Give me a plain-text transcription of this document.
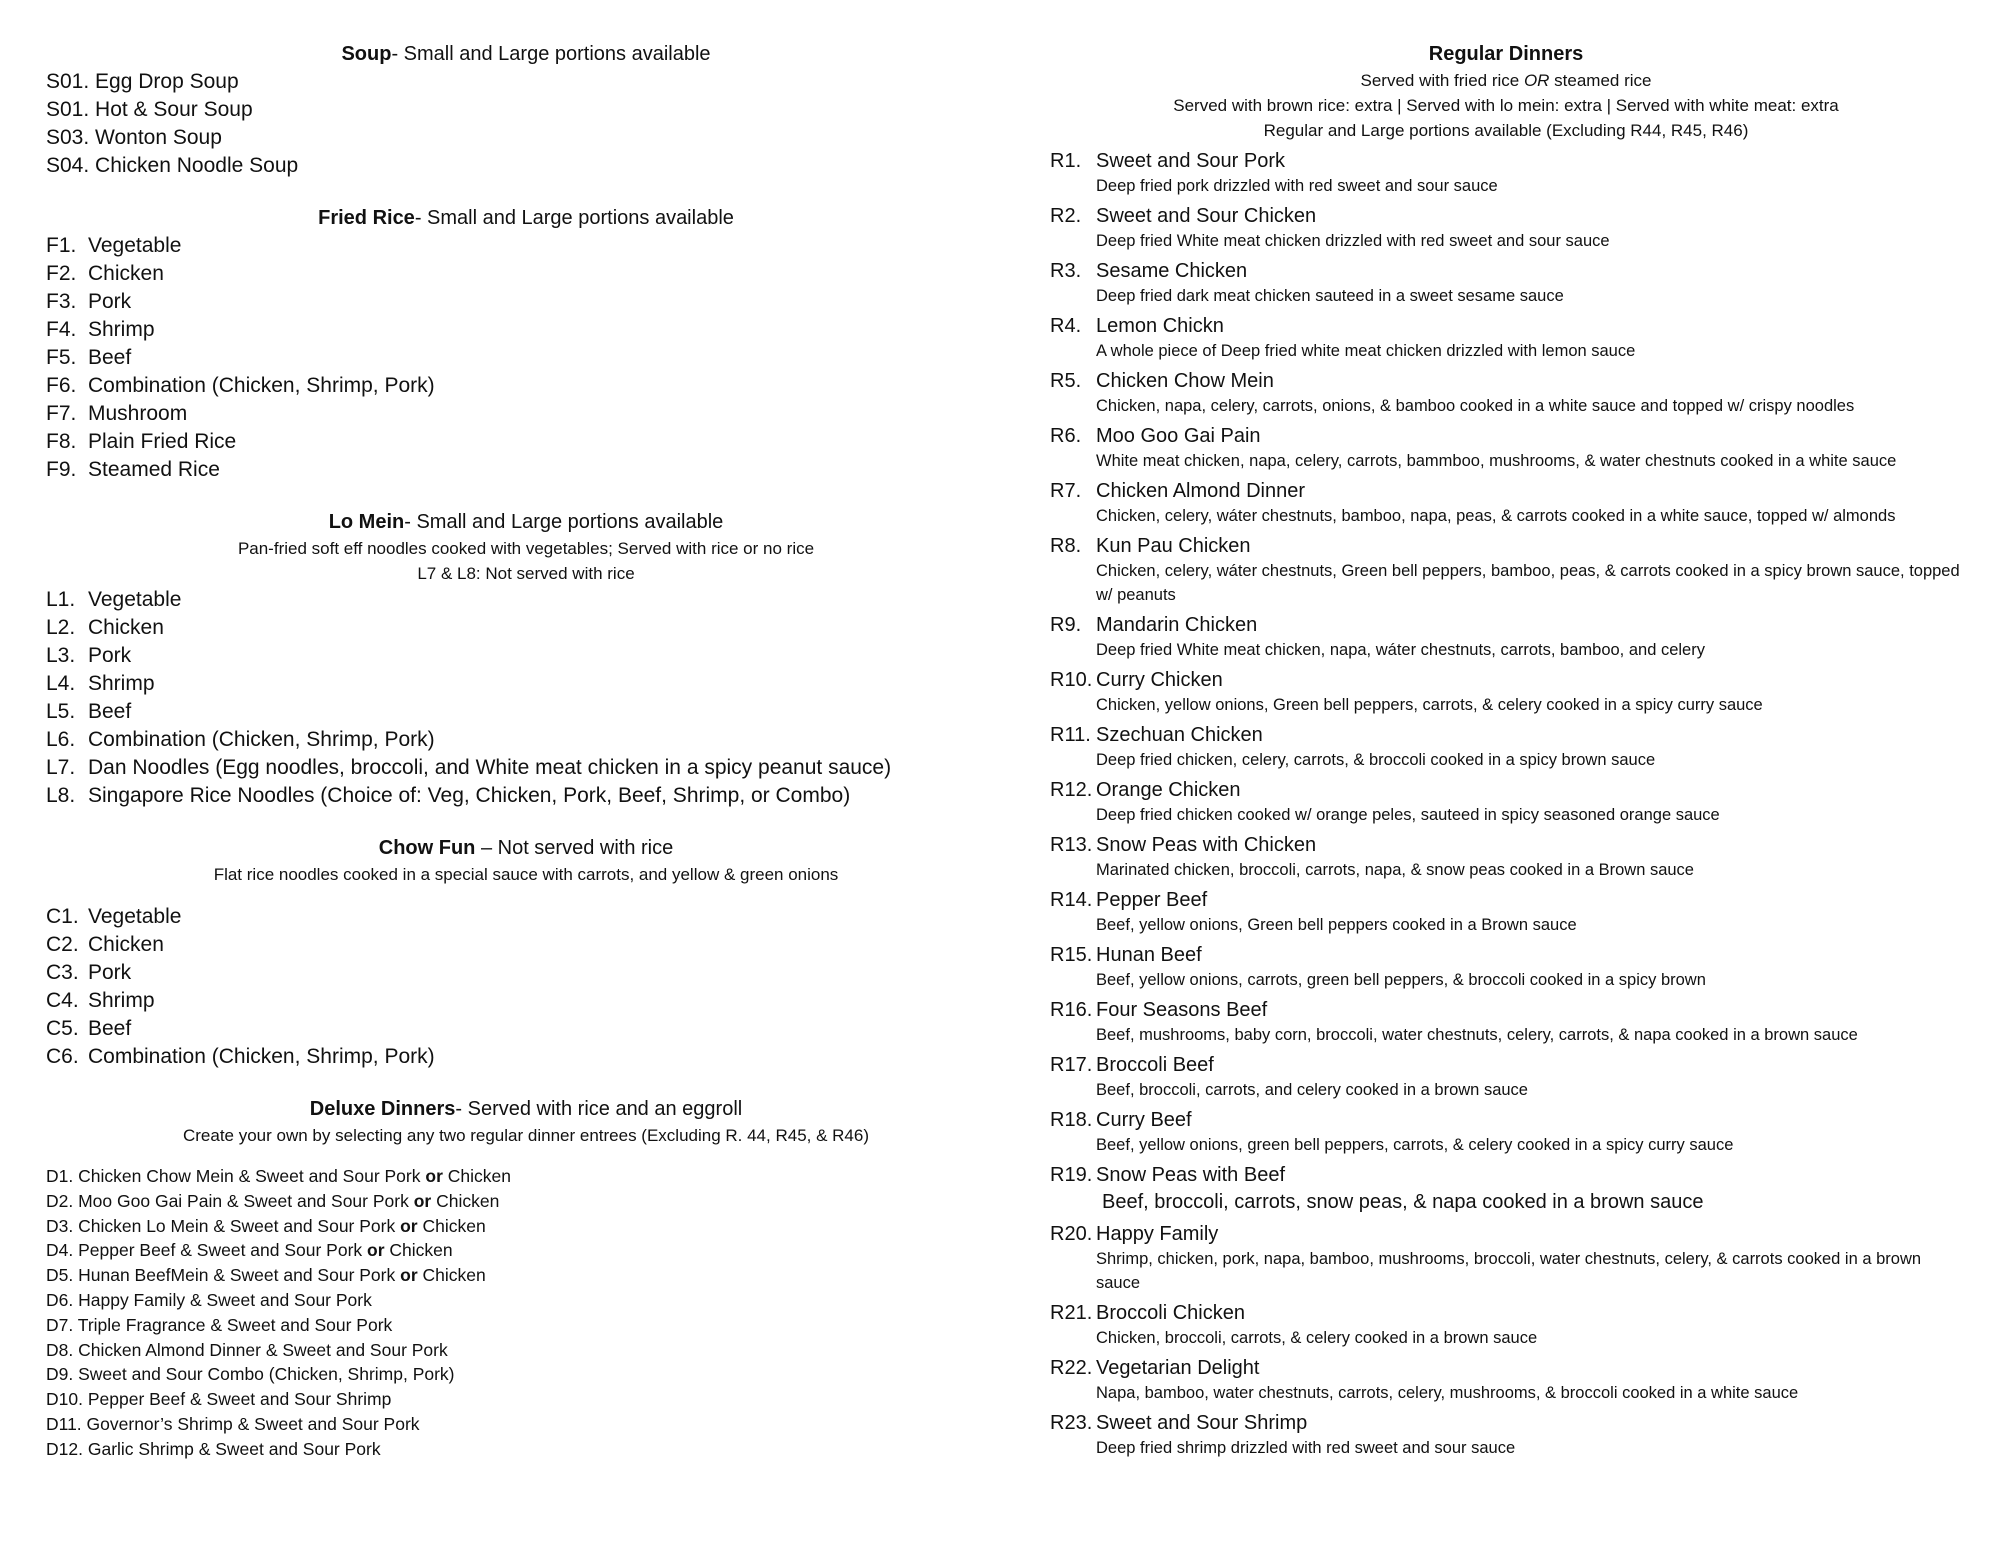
Soup- Small and Large portions available
S01. Egg Drop Soup
S01. Hot & Sour Soup
S03. Wonton Soup
S04. Chicken Noodle Soup
Fried Rice- Small and Large portions available
F1. Vegetable
F2. Chicken
F3. Pork
F4. Shrimp
F5. Beef
F6. Combination (Chicken, Shrimp, Pork)
F7. Mushroom
F8. Plain Fried Rice
F9. Steamed Rice
Lo Mein- Small and Large portions available
Pan-fried soft eff noodles cooked with vegetables; Served with rice or no rice
L7 & L8: Not served with rice
L1. Vegetable
L2. Chicken
L3. Pork
L4. Shrimp
L5. Beef
L6. Combination (Chicken, Shrimp, Pork)
L7. Dan Noodles (Egg noodles, broccoli, and White meat chicken in a spicy peanut sauce)
L8. Singapore Rice Noodles (Choice of: Veg, Chicken, Pork, Beef, Shrimp, or Combo)
Chow Fun – Not served with rice
Flat rice noodles cooked in a special sauce with carrots, and yellow & green onions
C1. Vegetable
C2. Chicken
C3. Pork
C4. Shrimp
C5. Beef
C6. Combination (Chicken, Shrimp, Pork)
Deluxe Dinners- Served with rice and an eggroll
Create your own by selecting any two regular dinner entrees (Excluding R. 44, R45, & R46)
D1. Chicken Chow Mein & Sweet and Sour Pork or Chicken
D2. Moo Goo Gai Pain & Sweet and Sour Pork or Chicken
D3. Chicken Lo Mein & Sweet and Sour Pork or Chicken
D4. Pepper Beef & Sweet and Sour Pork or Chicken
D5. Hunan BeefMein & Sweet and Sour Pork or Chicken
D6. Happy Family & Sweet and Sour Pork
D7. Triple Fragrance & Sweet and Sour Pork
D8. Chicken Almond Dinner & Sweet and Sour Pork
D9. Sweet and Sour Combo (Chicken, Shrimp, Pork)
D10. Pepper Beef & Sweet and Sour Shrimp
D11. Governor’s Shrimp & Sweet and Sour Pork
D12. Garlic Shrimp & Sweet and Sour Pork
Regular Dinners
Served with fried rice OR steamed rice
Served with brown rice: extra | Served with lo mein: extra | Served with white meat: extra
Regular and Large portions available (Excluding R44, R45, R46)
R1. Sweet and Sour Pork
Deep fried pork drizzled with red sweet and sour sauce
R2. Sweet and Sour Chicken
Deep fried White meat chicken drizzled with red sweet and sour sauce
R3. Sesame Chicken
Deep fried dark meat chicken sauteed in a sweet sesame sauce
R4. Lemon Chickn
A whole piece of Deep fried white meat chicken drizzled with lemon sauce
R5. Chicken Chow Mein
Chicken, napa, celery, carrots, onions, & bamboo cooked in a white sauce and topped w/ crispy noodles
R6. Moo Goo Gai Pain
White meat chicken, napa, celery, carrots, bammboo, mushrooms, & water chestnuts cooked in a white sauce
R7. Chicken Almond Dinner
Chicken, celery, wáter chestnuts, bamboo, napa, peas, & carrots cooked in a white sauce, topped w/ almonds
R8. Kun Pau Chicken
Chicken, celery, wáter chestnuts, Green bell peppers, bamboo, peas, & carrots cooked in a spicy brown sauce, topped w/ peanuts
R9. Mandarin Chicken
Deep fried White meat chicken, napa, wáter chestnuts, carrots, bamboo, and celery
R10. Curry Chicken
Chicken, yellow onions, Green bell peppers, carrots, & celery cooked in a spicy curry sauce
R11. Szechuan Chicken
Deep fried chicken, celery, carrots, & broccoli cooked in a spicy brown sauce
R12. Orange Chicken
Deep fried chicken cooked w/ orange peles, sauteed in spicy seasoned orange sauce
R13. Snow Peas with Chicken
Marinated chicken, broccoli, carrots, napa, & snow peas cooked in a Brown sauce
R14. Pepper Beef
Beef, yellow onions, Green bell peppers cooked in a Brown sauce
R15. Hunan Beef
Beef, yellow onions, carrots, green bell peppers, & broccoli cooked in a spicy brown
R16. Four Seasons Beef
Beef, mushrooms, baby corn, broccoli, water chestnuts, celery, carrots, & napa cooked in a brown sauce
R17. Broccoli Beef
Beef, broccoli, carrots, and celery cooked in a brown sauce
R18. Curry Beef
Beef, yellow onions, green bell peppers, carrots, & celery cooked in a spicy curry sauce
R19. Snow Peas with Beef
Beef, broccoli, carrots, snow peas, & napa cooked in a brown sauce
R20. Happy Family
Shrimp, chicken, pork, napa, bamboo, mushrooms, broccoli, water chestnuts, celery, & carrots cooked in a brown sauce
R21. Broccoli Chicken
Chicken, broccoli, carrots, & celery cooked in a brown sauce
R22. Vegetarian Delight
Napa, bamboo, water chestnuts, carrots, celery, mushrooms, & broccoli cooked in a white sauce
R23. Sweet and Sour Shrimp
Deep fried shrimp drizzled with red sweet and sour sauce
